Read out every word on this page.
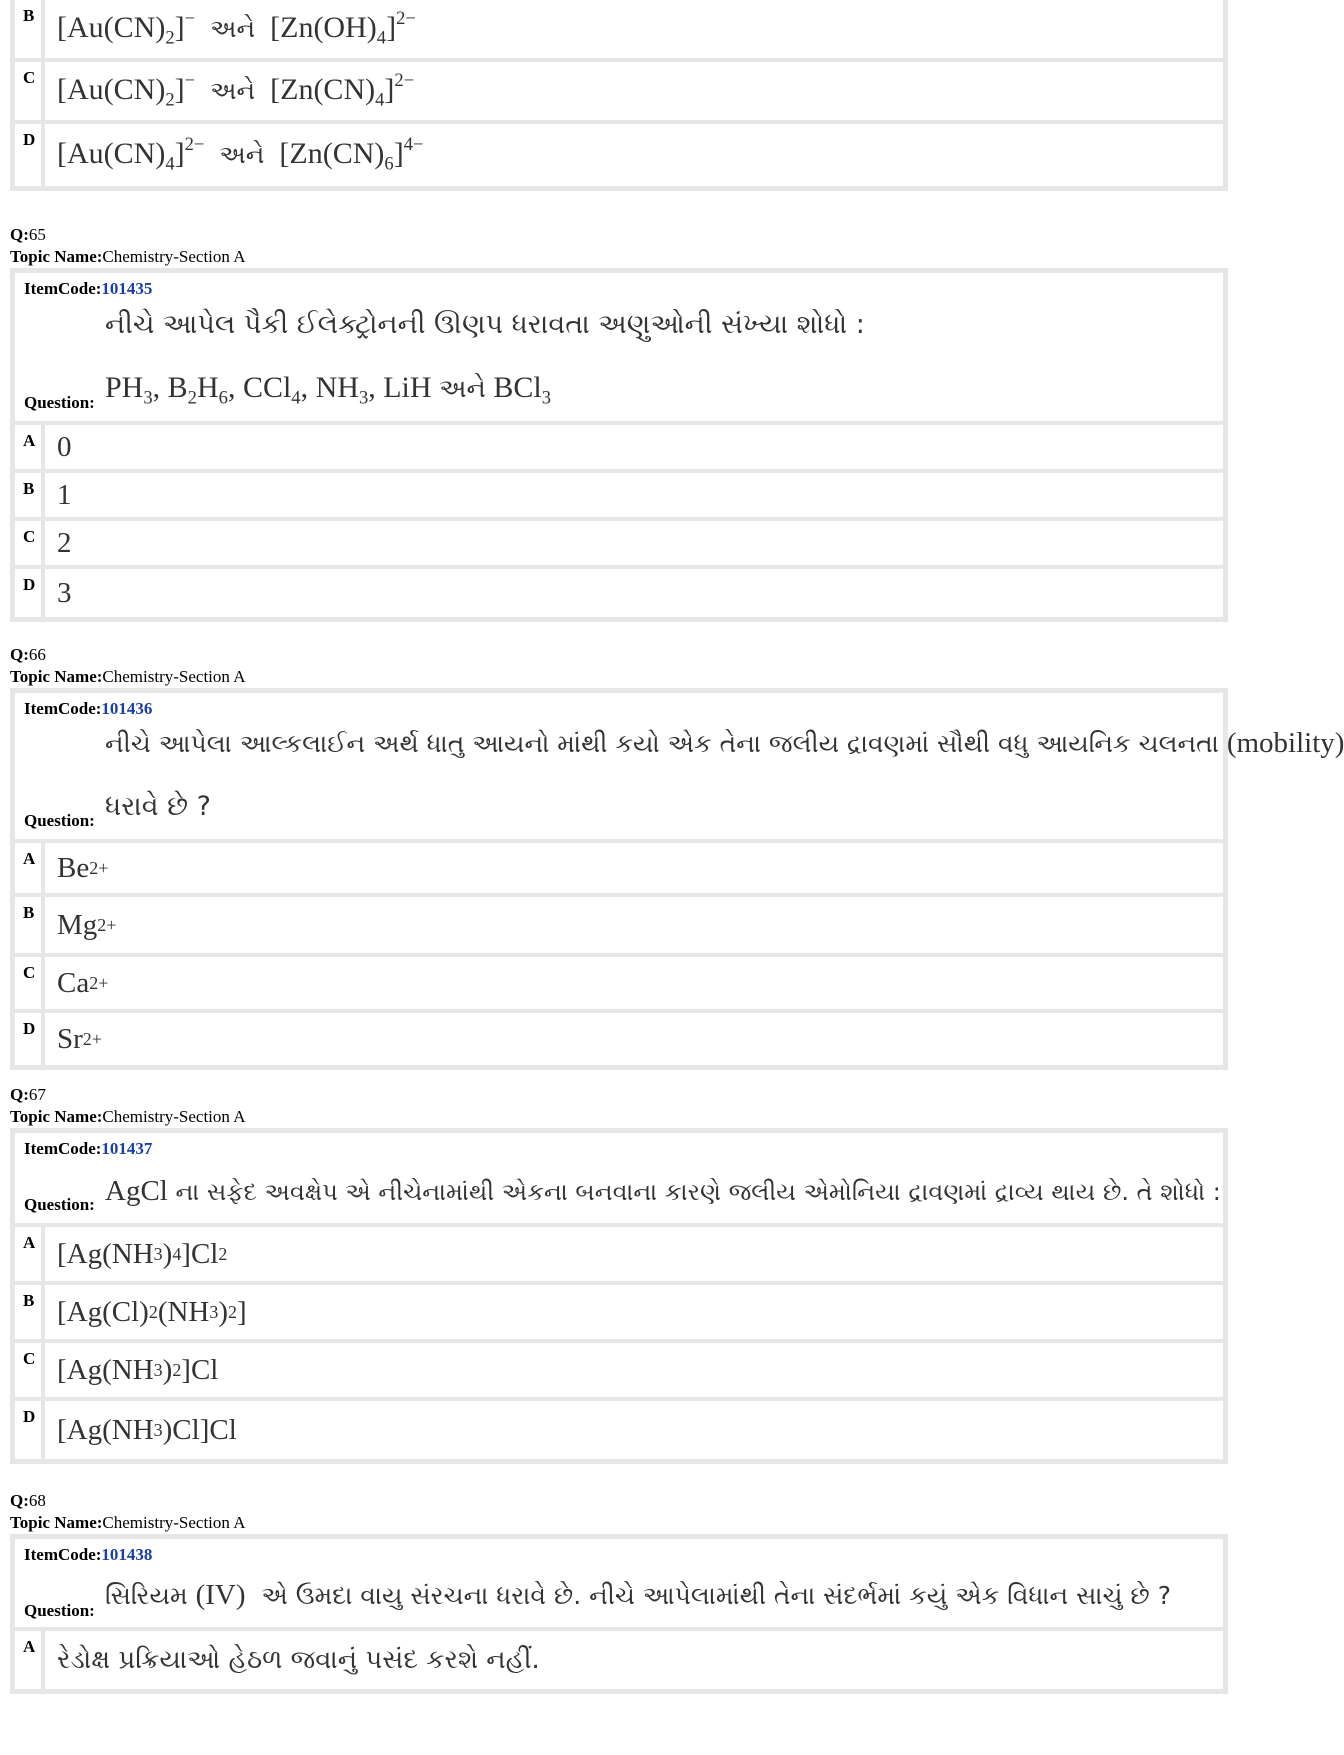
B $[Au(CN)_2]^-$ અને  $[Zn(OH)_4]^{2-}$
C $[Au(CN)_2]^-$ અને  $[Zn(CN)_4]^{2-}$
D $[Au(CN)_4]^{2-}$ અને  $[Zn(CN)_6]^{4-}$
Q:65
Topic Name:Chemistry-Section A
ItemCode:101435
નીચે આપેલ પૈકી ઈલેક્ટ્રોનની ઊણપ ધરાવતા અણુઓની સંખ્યા શોધો :
Question: $PH_3$, $B_2H_6$, CCl$_4$, $NH_3$, LiH અને BCl$_3$
A 0
B 1
C 2
D 3
Q:66
Topic Name:Chemistry-Section A
ItemCode:101436
નીચે આપેલા આલ્કલાઈન અર્થ ધાતુ આયનો માંથી કયો એક તેના જલીય દ્રાવણમાં સૌથી વધુ આયનિક ચલનતા (mobility)
Question: ધરાવે છે ?
A Be 2+
B Mg 2+
C Ca 2+
D Sr 2+
Q:67
Topic Name:Chemistry-Section A
ItemCode:101437
Question: AgCl ના સફેદ અવક્ષેપ એ નીચેનામાંથી એકના બનવાના કારણે જલીય એમોનિયા દ્રાવણમાં દ્રાવ્ય થાય છે. તે શોધો :
A [Ag(NH 3 ) 4 ]Cl 2
B [Ag(Cl) 2 (NH 3 ) 2 ]
C [Ag(NH 3 ) 2 ]Cl
D [Ag(NH 3 )Cl]Cl
Q:68
Topic Name:Chemistry-Section A
ItemCode:101438
Question:
સિરિયમ (IV) એ ઉમદા વાયુ સંરચના ધરાવે છે. નીચે આપેલામાંથી તેના સંદર્ભમાં કયું એક વિધાન સાચું છે ?
A રેડોક્ષ પ્રક્રિયાઓ હેઠળ જવાનું પસંદ કરશે નહીં.
